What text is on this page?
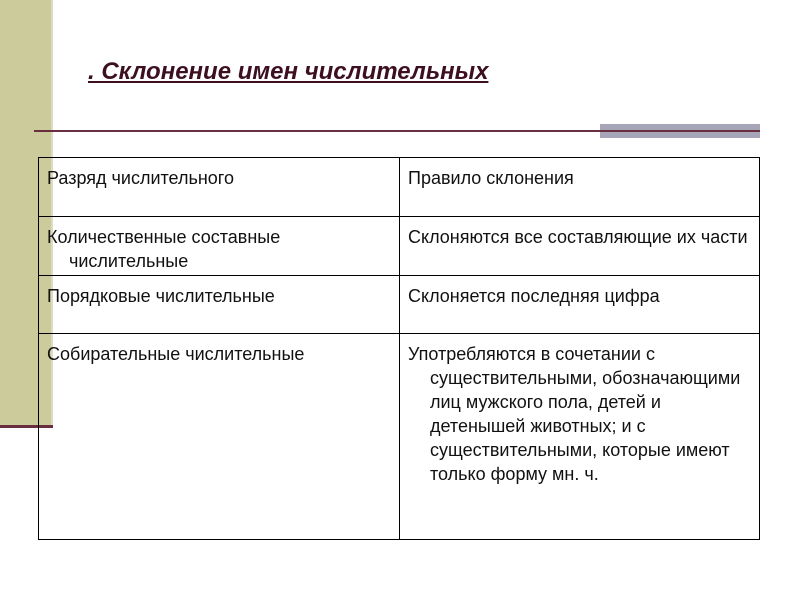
. Склонение имен числительных
Разряд числительного	Правило склонения

Количественные составные числительные	Склоняются все составляющие их части

Порядковые числительные	Склоняется последняя цифра

Собирательные числительные	Употребляются в сочетании с существительными, обозначающими лиц мужского пола, детей и детенышей животных; и с существительными, которые имеют только форму мн. ч.
